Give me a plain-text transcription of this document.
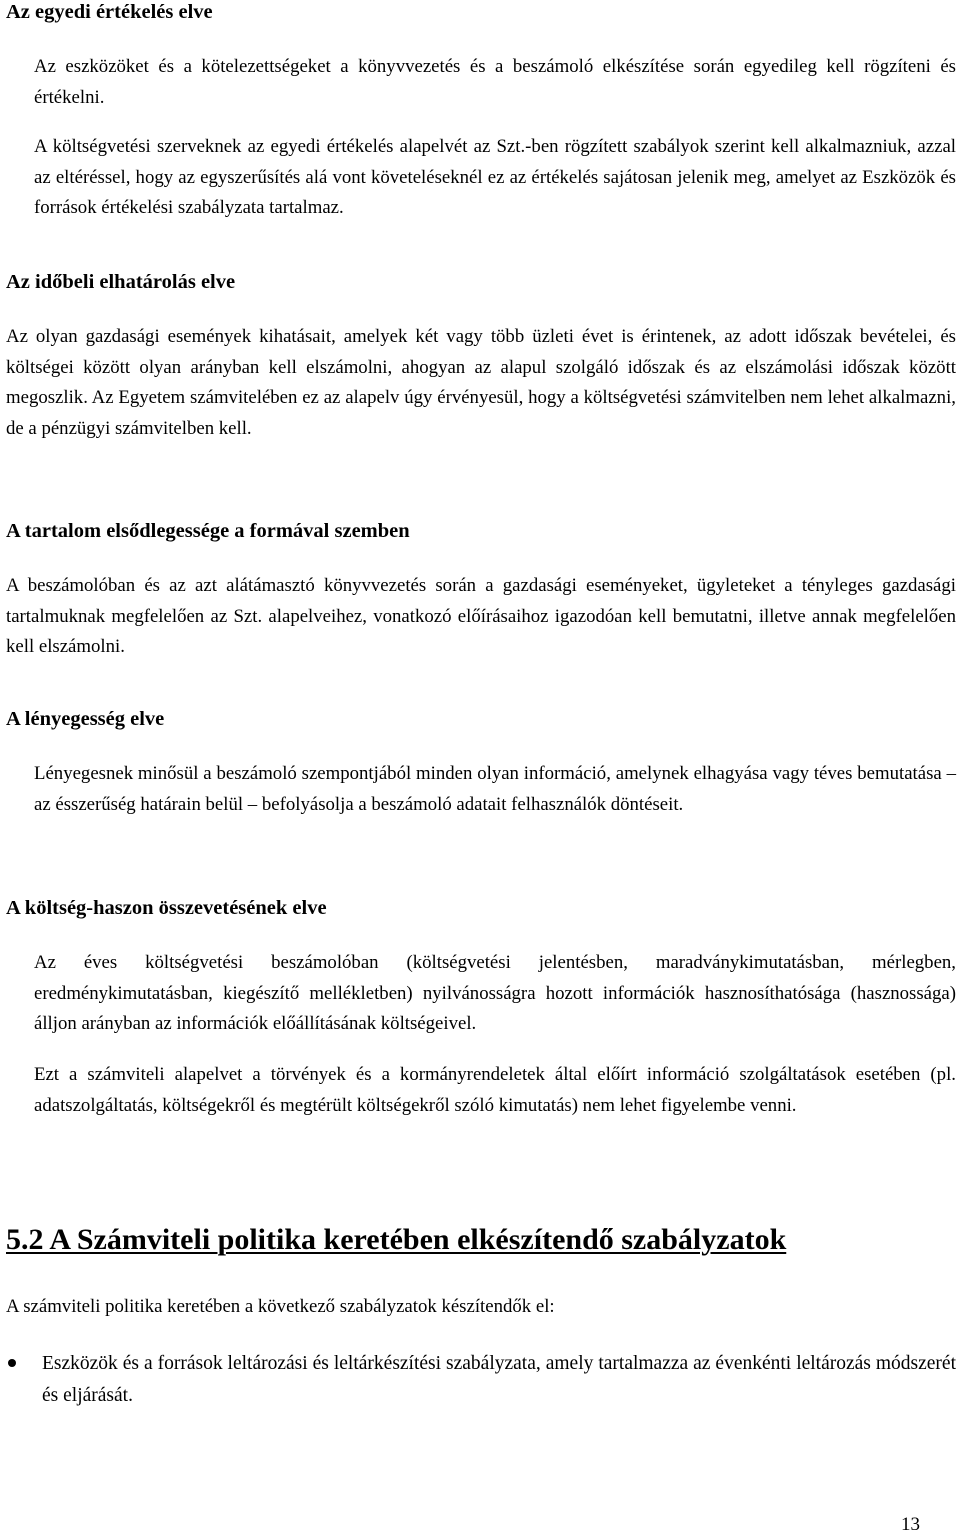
Az egyedi értékelés elve

Az eszközöket és a kötelezettségeket a könyvvezetés és a beszámoló elkészítése során egyedileg kell rögzíteni és értékelni.

A költségvetési szerveknek az egyedi értékelés alapelvét az Szt.-ben rögzített szabályok szerint kell alkalmazniuk, azzal az eltéréssel, hogy az egyszerűsítés alá vont követeléseknél ez az értékelés sajátosan jelenik meg, amelyet az Eszközök és források értékelési szabályzata tartalmaz.

Az időbeli elhatárolás elve

Az olyan gazdasági események kihatásait, amelyek két vagy több üzleti évet is érintenek, az adott időszak bevételei, és költségei között olyan arányban kell elszámolni, ahogyan az alapul szolgáló időszak és az elszámolási időszak között megoszlik. Az Egyetem számvitelében ez az alapelv úgy érvényesül, hogy a költségvetési számvitelben nem lehet alkalmazni, de a pénzügyi számvitelben kell.

A tartalom elsődlegessége a formával szemben

A beszámolóban és az azt alátámasztó könyvvezetés során a gazdasági eseményeket, ügyleteket a tényleges gazdasági tartalmuknak megfelelően az Szt. alapelveihez, vonatkozó előírásaihoz igazodóan kell bemutatni, illetve annak megfelelően kell elszámolni.

A lényegesség elve

Lényegesnek minősül a beszámoló szempontjából minden olyan információ, amelynek elhagyása vagy téves bemutatása – az ésszerűség határain belül – befolyásolja a beszámoló adatait felhasználók döntéseit.

A költség-haszon összevetésének elve

Az éves költségvetési beszámolóban (költségvetési jelentésben, maradványkimutatásban, mérlegben, eredménykimutatásban, kiegészítő mellékletben) nyilvánosságra hozott információk hasznosíthatósága (hasznossága) álljon arányban az információk előállításának költségeivel.

Ezt a számviteli alapelvet a törvények és a kormányrendeletek által előírt információ szolgáltatások esetében (pl. adatszolgáltatás, költségekről és megtérült költségekről szóló kimutatás) nem lehet figyelembe venni.

5.2 A Számviteli politika keretében elkészítendő szabályzatok

A számviteli politika keretében a következő szabályzatok készítendők el:

Eszközök és a források leltározási és leltárkészítési szabályzata, amely tartalmazza az évenkénti leltározás módszerét és eljárását.

13
